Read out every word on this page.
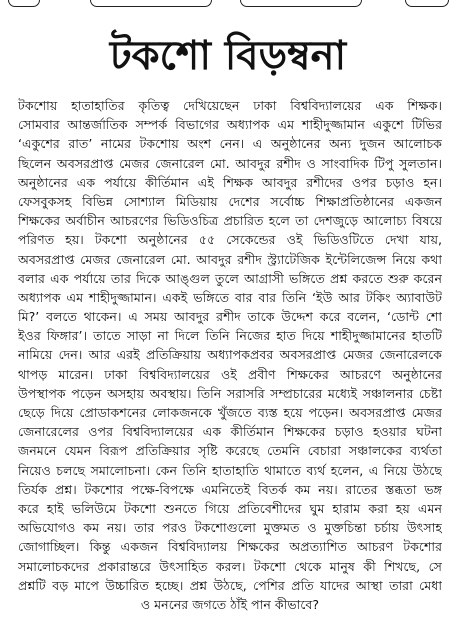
টকশো বিড়ম্বনা
টকশোয় হাতাহাতির কৃতিত্ব দেখিয়েছেন ঢাকা বিশ্ববিদ্যালয়ের এক শিক্ষক।
সোমবার আন্তর্জাতিক সম্পর্ক বিভাগের অধ্যাপক এম শাহীদুজ্জামান একুশে টিভির
‘একুশের রাত’ নামের টকশোয় অংশ নেন। এ অনুষ্ঠানের অন্য দুজন আলোচক
ছিলেন অবসরপ্রাপ্ত মেজর জেনারেল মো. আবদুর রশীদ ও সাংবাদিক টিপু সুলতান।
অনুষ্ঠানের এক পর্যায়ে কীর্তিমান এই শিক্ষক আবদুর রশীদের ওপর চড়াও হন।
ফেসবুকসহ বিভিন্ন সোশ্যাল মিডিয়ায় দেশের সর্বোচ্চ শিক্ষাপ্রতিষ্ঠানের একজন
শিক্ষকের অর্বাচীন আচরণের ভিডিওচিত্র প্রচারিত হলে তা দেশজুড়ে আলোচ্য বিষয়ে
পরিণত হয়। টকশো অনুষ্ঠানের ৫৫ সেকেন্ডের ওই ভিডিওটিতে দেখা যায়,
অবসরপ্রাপ্ত মেজর জেনারেল মো. আবদুর রশীদ স্ট্র্যাটেজিক ইন্টেলিজেন্স নিয়ে কথা
বলার এক পর্যায়ে তার দিকে আঙ্গুল তুলে আগ্রাসী ভঙ্গিতে প্রশ্ন করতে শুরু করেন
অধ্যাপক এম শাহীদুজ্জামান। একই ভঙ্গিতে বার বার তিনি ‘ইউ আর টকিং অ্যাবাউট
মি?’ বলতে থাকেন। এ সময় আবদুর রশীদ তাকে উদ্দেশ করে বলেন, ‘ডোন্ট শো
ইওর ফিঙ্গার’। তাতে সাড়া না দিলে তিনি নিজের হাত দিয়ে শাহীদুজ্জামানের হাতটি
নামিয়ে দেন। আর এরই প্রতিক্রিয়ায় অধ্যাপকপ্রবর অবসরপ্রাপ্ত মেজর জেনারেলকে
থাপড় মারেন। ঢাকা বিশ্ববিদ্যালয়ের ওই প্রবীণ শিক্ষকের আচরণে অনুষ্ঠানের
উপস্থাপক পড়েন অসহায় অবস্থায়। তিনি সরাসরি সম্প্রচারের মধ্যেই সঞ্চালনার চেষ্টা
ছেড়ে দিয়ে প্রোডাকশনের লোকজনকে খুঁজতে ব্যস্ত হয়ে পড়েন। অবসরপ্রাপ্ত মেজর
জেনারেলের ওপর বিশ্ববিদ্যালয়ের এক কীর্তিমান শিক্ষকের চড়াও হওয়ার ঘটনা
জনমনে যেমন বিরূপ প্রতিক্রিয়ার সৃষ্টি করেছে তেমনি বেচারা সঞ্চালকের ব্যর্থতা
নিয়েও চলছে সমালোচনা। কেন তিনি হাতাহাতি থামাতে ব্যর্থ হলেন, এ নিয়ে উঠছে
তির্যক প্রশ্ন। টকশোর পক্ষে-বিপক্ষে এমনিতেই বিতর্ক কম নয়। রাতের স্তব্ধতা ভঙ্গ
করে হাই ভলিউমে টকশো শুনতে গিয়ে প্রতিবেশীদের ঘুম হারাম করা হয় এমন
অভিযোগও কম নয়। তার পরও টকশোগুলো মুক্তমত ও মুক্তচিন্তা চর্চায় উৎসাহ
জোগাচ্ছিল। কিন্তু একজন বিশ্ববিদ্যালয় শিক্ষকের অপ্রত্যাশিত আচরণ টকশোর
সমালোচকদের প্রকারান্তরে উৎসাহিত করল। টকশো থেকে মানুষ কী শিখছে, সে
প্রশ্নটি বড় মাপে উচ্চারিত হচ্ছে। প্রশ্ন উঠছে, পেশির প্রতি যাদের আস্থা তারা মেধা
ও মননের জগতে ঠাঁই পান কীভাবে?
